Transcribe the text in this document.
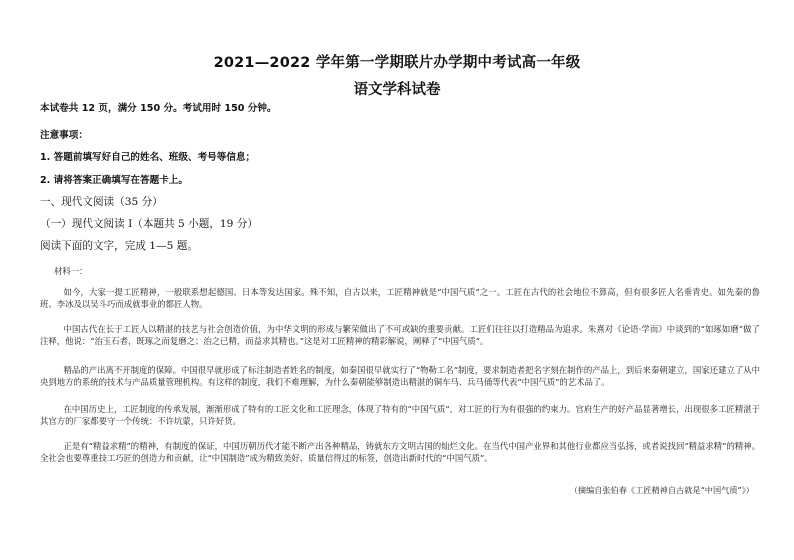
2021—2022 学年第一学期联片办学期中考试高一年级
语文学科试卷
本试卷共 12 页，满分 150 分。考试用时 150 分钟。
注意事项：
1. 答题前填写好自己的姓名、班级、考号等信息；
2. 请将答案正确填写在答题卡上。
一、现代文阅读（35 分）
（一）现代文阅读 I（本题共 5 小题，19 分）
阅读下面的文字，完成 1—5 题。
材料一：
如今，大家一提工匠精神，一般联系想起德国、日本等发达国家。殊不知，自古以来，工匠精神就是“中国气质”之一。工匠在古代的社会地位不算高，但有很多匠人名垂青史。如先秦的鲁班、李冰及以吴斗巧而成就事业的都匠人物。
中国古代在长于工匠人以精湛的技艺与社会创造价值，为中华文明的形成与繁荣做出了不可或缺的重要贡献。工匠们往往以打造精品为追求。朱熹对《论语·学而》中谈到的“如琢如磨”做了注释，他说：“治玉石者，既琢之而复磨之；治之已精，而益求其精也。”这是对工匠精神的精彩解说，阐释了“中国气质”。
精品的产出离不开制度的保障。中国很早就形成了标注制造者姓名的制度，如秦国很早就实行了“物勒工名”制度，要求制造者把名字刻在制作的产品上，到后来秦朝建立，国家还建立了从中央到地方的系统的技术与产品质量管理机构。有这样的制度，我们不难理解，为什么秦朝能够制造出精湛的铜车马、兵马俑等代表“中国气质”的艺术品了。
在中国历史上，工匠制度的传承发展，渐渐形成了特有的工匠文化和工匠理念，体现了特有的“中国气质”，对工匠的行为有很强的约束力。官府生产的好产品显著增长，出现很多工匠精湛于其官方的厂家都要守一个传统：不许坑蒙，只许好货。
正是有“精益求精”的精神，有制度的保证，中国历朝历代才能不断产出各种精品，铸就东方文明古国的灿烂文化。在当代中国产业界和其他行业都应当弘扬，或者说找回“精益求精”的精神。全社会也要尊重技工巧匠的创造力和贡献，让“中国制造”成为精致美好、质量信得过的标签，创造出新时代的“中国气质”。
（摘编自张伯春《工匠精神自古就是“中国气质”》）
